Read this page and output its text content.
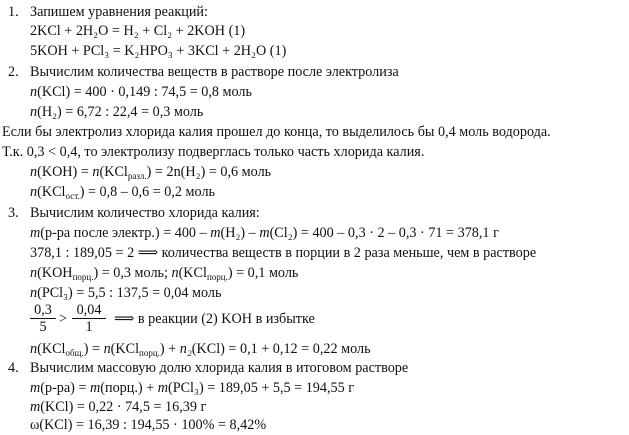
1. Запишем уравнения реакций:
2KCl + 2H₂O = H₂ + Cl₂ + 2KOH (1)
5KOH + PCl₃ = K₂HPO₃ + 3KCl + 2H₂O (1)
2. Вычислим количества веществ в растворе после электролиза
n(KCl) = 400 · 0,149 : 74,5 = 0,8 моль
n(H₂) = 6,72 : 22,4 = 0,3 моль
Если бы электролиз хлорида калия прошел до конца, то выделилось бы 0,4 моль водорода.
Т.к. 0,3 < 0,4, то электролизу подверглась только часть хлорида калия.
n(KOH) = n(KCl$_{разл.}$) = 2n(H₂) = 0,6 моль
n(KCl$_{ост.}$) = 0,8 – 0,6 = 0,2 моль
3. Вычислим количество хлорида калия:
m(р-ра после электр.) = 400 – m(H₂) – m(Cl₂) = 400 – 0,3 · 2 – 0,3 · 71 = 378,1 г
378,1 : 189,05 = 2 ⟹ количества веществ в порции в 2 раза меньше, чем в растворе
$n(KOH_{порц.}) = 0,3$ моль; n(KCl$_{порц.}$) = 0,1 моль
n(PCl₃) = 5,5 : 137,5 = 0,04 моль
$\frac{0,3}{5} > \frac{0,04}{1}$ ⟹ в реакции (2) KOH в избытке
n(KCl$_{общ.}$) = n(KCl$_{порц.}$) + n₂(KCl) = 0,1 + 0,12 = 0,22 моль
4. Вычислим массовую долю хлорида калия в итоговом растворе
m(р-ра) = m(порц.) + m(PCl₃) = 189,05 + 5,5 = 194,55 г
m(KCl) = 0,22 · 74,5 = 16,39 г
ω(KCl) = 16,39 : 194,55 · 100% = 8,42%
